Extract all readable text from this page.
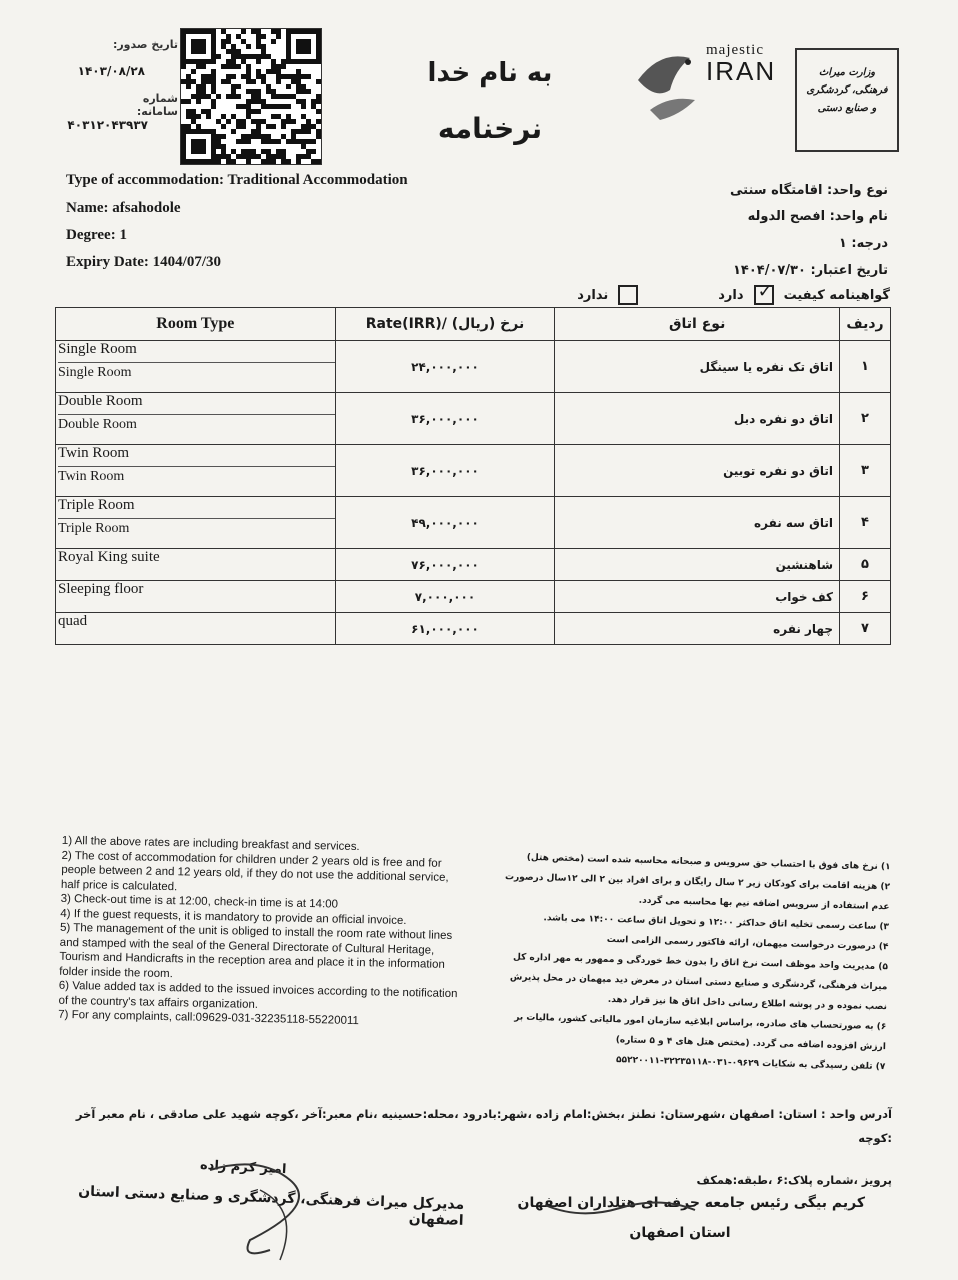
تاریخ صدور:
۱۴۰۳/۰۸/۲۸
شماره سامانه:
۴۰۳۱۲۰۴۳۹۳۷
به نام خدا
نرخنامه
majestic
IRAN	وزارت میراث فرهنگی، گردشگری و صنایع دستی
Type of accommodation: Traditional Accommodation
Name: afsahodole
Degree: 1
Expiry Date: 1404/07/30
نوع واحد: اقامتگاه سنتی
نام واحد: افصح الدوله
درجه: ۱
تاریخ اعتبار: ۱۴۰۴/۰۷/۳۰
گواهینامه کیفیت
✓
دارد
ندارد
Room Type	Rate(IRR)/ (ریال) نرخ	نوع اتاق	ردیف
Single Room
Single Room	۲۴,۰۰۰,۰۰۰	اتاق تک نفره یا سینگل	۱
Double Room
Double Room	۳۶,۰۰۰,۰۰۰	اتاق دو نفره دبل	۲
Twin Room
Twin Room	۳۶,۰۰۰,۰۰۰	اتاق دو نفره توبین	۳
Triple Room
Triple Room	۴۹,۰۰۰,۰۰۰	اتاق سه نفره	۴
Royal King suite	۷۶,۰۰۰,۰۰۰	شاهنشین	۵
Sleeping floor	۷,۰۰۰,۰۰۰	کف خواب	۶
quad	۶۱,۰۰۰,۰۰۰	چهار نفره	۷
1) All the above rates are including breakfast and services.
2) The cost of accommodation for children under 2 years old is free and for people between 2 and 12 years old, if they do not use the additional service, half price is calculated.
3) Check-out time is at 12:00, check-in time is at 14:00
4) If the guest requests, it is mandatory to provide an official invoice.
5) The management of the unit is obliged to install the room rate without lines and stamped with the seal of the General Directorate of Cultural Heritage, Tourism and Handicrafts in the reception area and place it in the information folder inside the room.
6) Value added tax is added to the issued invoices according to the notification of the country's tax affairs organization.
7) For any complaints, call:09629-031-32235118-55220011
۱) نرخ های فوق با احتساب حق سرویس و صبحانه محاسبه شده است (مختص هتل)
۲) هزینه اقامت برای کودکان زیر ۲ سال رایگان و برای افراد بین ۲ الی ۱۲سال درصورت عدم استفاده از سرویس اضافه نیم بها محاسبه می گردد.
۳) ساعت رسمی تخلیه اتاق حداکثر ۱۲:۰۰ و تحویل اتاق ساعت ۱۴:۰۰ می باشد.
۴) درصورت درخواست میهمان، ارائه فاکتور رسمی الزامی است
۵) مدیریت واحد موظف است نرخ اتاق را بدون خط خوردگی و ممهور به مهر اداره کل میراث فرهنگی، گردشگری و صنایع دستی استان در معرض دید میهمان در محل پذیرش نصب نموده و در پوشه اطلاع رسانی داخل اتاق ها نیز قرار دهد.
۶) به صورتحساب های صادره، براساس ابلاغیه سازمان امور مالیاتی کشور، مالیات بر ارزش افزوده اضافه می گردد. (مختص هتل های ۴ و ۵ ستاره)
۷) تلفن رسیدگی به شکایات ۰۹۶۲۹-۰۳۱-۳۲۲۳۵۱۱۸-۵۵۲۲۰۰۱۱
آدرس واحد : استان: اصفهان ،شهرستان: نطنز ،بخش:امام زاده ،شهر:بادرود ،محله:حسینیه ،نام معبر:آخر ،کوچه شهید علی صادقی ، نام معبر آخر :کوچه
پرویز ،شماره پلاک:۶ ،طبقه:همکف
امیر کرم زاده
مدیرکل میراث فرهنگی، گردشگری و صنایع دستی استان اصفهان
کریم بیگی رئیس جامعه حرفه ای هتلداران اصفهان
استان اصفهان
